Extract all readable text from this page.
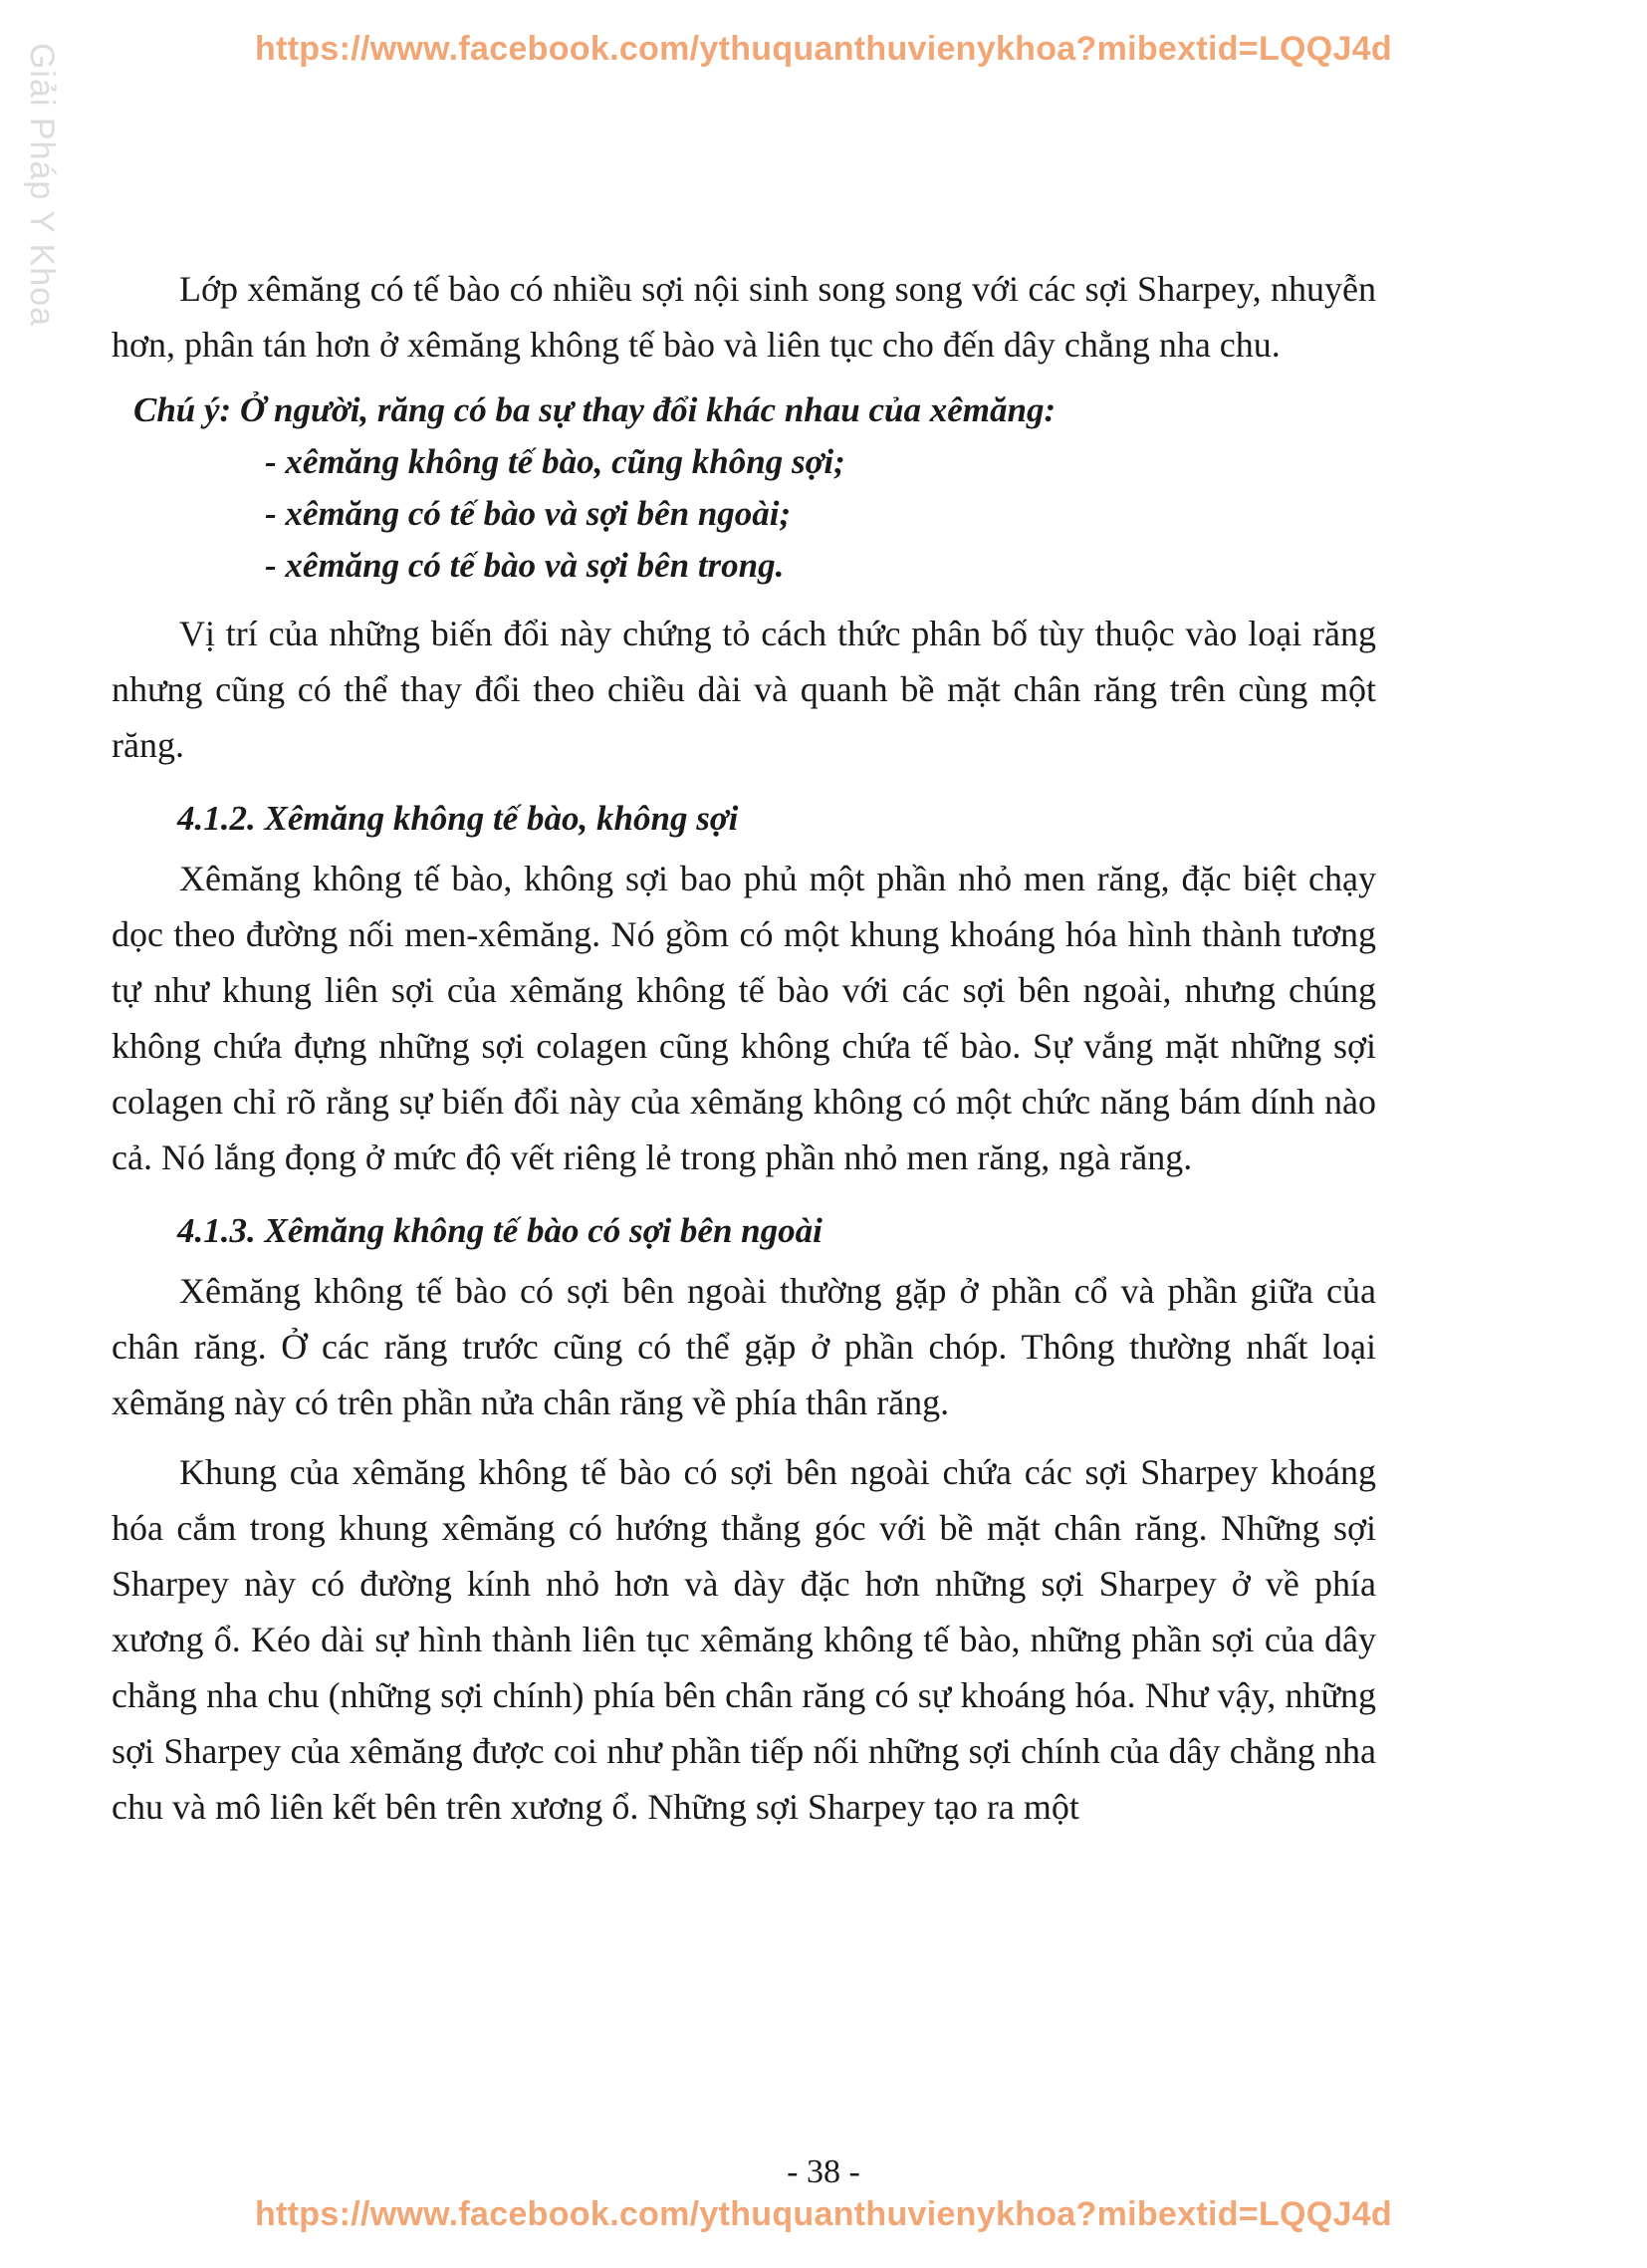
https://www.facebook.com/ythuquanthuvienykhoa?mibextid=LQQJ4d
Giải Pháp Y Khoa	Lớp xêmăng có tế bào có nhiều sợi nội sinh song song với các sợi Sharpey, nhuyễn hơn, phân tán hơn ở xêmăng không tế bào và liên tục cho đến dây chằng nha chu.

Chú ý: Ở người, răng có ba sự thay đổi khác nhau của xêmăng:
- xêmăng không tế bào, cũng không sợi;
- xêmăng có tế bào và sợi bên ngoài;
- xêmăng có tế bào và sợi bên trong.

Vị trí của những biến đổi này chứng tỏ cách thức phân bố tùy thuộc vào loại răng nhưng cũng có thể thay đổi theo chiều dài và quanh bề mặt chân răng trên cùng một răng.

4.1.2. Xêmăng không tế bào, không sợi

Xêmăng không tế bào, không sợi bao phủ một phần nhỏ men răng, đặc biệt chạy dọc theo đường nối men-xêmăng. Nó gồm có một khung khoáng hóa hình thành tương tự như khung liên sợi của xêmăng không tế bào với các sợi bên ngoài, nhưng chúng không chứa đựng những sợi colagen cũng không chứa tế bào. Sự vắng mặt những sợi colagen chỉ rõ rằng sự biến đổi này của xêmăng không có một chức năng bám dính nào cả. Nó lắng đọng ở mức độ vết riêng lẻ trong phần nhỏ men răng, ngà răng.

4.1.3. Xêmăng không tế bào có sợi bên ngoài

Xêmăng không tế bào có sợi bên ngoài thường gặp ở phần cổ và phần giữa của chân răng. Ở các răng trước cũng có thể gặp ở phần chóp. Thông thường nhất loại xêmăng này có trên phần nửa chân răng về phía thân răng.

Khung của xêmăng không tế bào có sợi bên ngoài chứa các sợi Sharpey khoáng hóa cắm trong khung xêmăng có hướng thẳng góc với bề mặt chân răng. Những sợi Sharpey này có đường kính nhỏ hơn và dày đặc hơn những sợi Sharpey ở về phía xương ổ. Kéo dài sự hình thành liên tục xêmăng không tế bào, những phần sợi của dây chằng nha chu (những sợi chính) phía bên chân răng có sự khoáng hóa. Như vậy, những sợi Sharpey của xêmăng được coi như phần tiếp nối những sợi chính của dây chằng nha chu và mô liên kết bên trên xương ổ. Những sợi Sharpey tạo ra một

- 38 -
https://www.facebook.com/ythuquanthuvienykhoa?mibextid=LQQJ4d
